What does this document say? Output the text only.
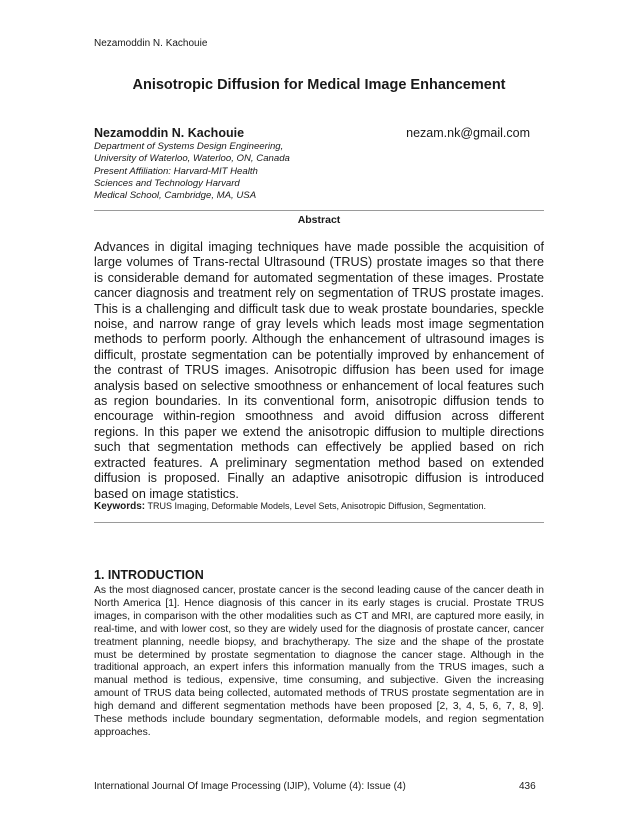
Nezamoddin N. Kachouie
Anisotropic Diffusion for Medical Image Enhancement
Nezamoddin N. Kachouie	nezam.nk@gmail.com
Department of Systems Design Engineering,
University of Waterloo, Waterloo, ON, Canada
Present Affiliation: Harvard-MIT Health
Sciences and Technology Harvard
Medical School, Cambridge, MA, USA
Abstract

Advances in digital imaging techniques have made possible the acquisition of large volumes of Trans-rectal Ultrasound (TRUS) prostate images so that there is considerable demand for automated segmentation of these images. Prostate cancer diagnosis and treatment rely on segmentation of TRUS prostate images. This is a challenging and difficult task due to weak prostate boundaries, speckle noise, and narrow range of gray levels which leads most image segmentation methods to perform poorly. Although the enhancement of ultrasound images is difficult, prostate segmentation can be potentially improved by enhancement of the contrast of TRUS images. Anisotropic diffusion has been used for image analysis based on selective smoothness or enhancement of local features such as region boundaries. In its conventional form, anisotropic diffusion tends to encourage within-region smoothness and avoid diffusion across different regions. In this paper we extend the anisotropic diffusion to multiple directions such that segmentation methods can effectively be applied based on rich extracted features. A preliminary segmentation method based on extended diffusion is proposed. Finally an adaptive anisotropic diffusion is introduced based on image statistics.

Keywords: TRUS Imaging, Deformable Models, Level Sets, Anisotropic Diffusion, Segmentation.
1. INTRODUCTION

As the most diagnosed cancer, prostate cancer is the second leading cause of the cancer death in North America [1]. Hence diagnosis of this cancer in its early stages is crucial. Prostate TRUS images, in comparison with the other modalities such as CT and MRI, are captured more easily, in real-time, and with lower cost, so they are widely used for the diagnosis of prostate cancer, cancer treatment planning, needle biopsy, and brachytherapy. The size and the shape of the prostate must be determined by prostate segmentation to diagnose the cancer stage. Although in the traditional approach, an expert infers this information manually from the TRUS images, such a manual method is tedious, expensive, time consuming, and subjective. Given the increasing amount of TRUS data being collected, automated methods of TRUS prostate segmentation are in high demand and different segmentation methods have been proposed [2, 3, 4, 5, 6, 7, 8, 9]. These methods include boundary segmentation, deformable models, and region segmentation approaches.

International Journal Of Image Processing (IJIP), Volume (4): Issue (4)	436
